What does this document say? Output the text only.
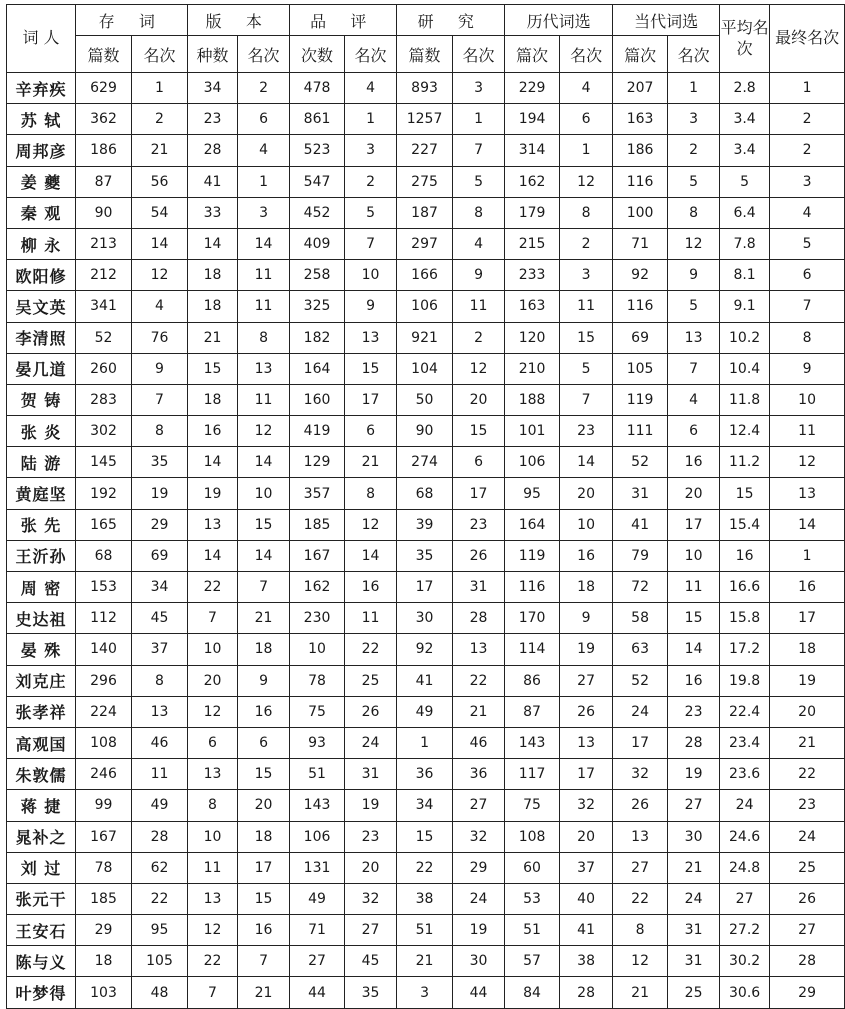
词 人	存 词		版 本		品 评		研 究		历代词选		当代词选		平均名次	最终名次
	篇数	名次	种数	名次	次数	名次	篇数	名次	篇次	名次	篇次	名次		
辛弃疾	629	1	34	2	478	4	893	3	229	4	207	1	2.8	1
苏 轼	362	2	23	6	861	1	1257	1	194	6	163	3	3.4	2
周邦彦	186	21	28	4	523	3	227	7	314	1	186	2	3.4	2
姜 夔	87	56	41	1	547	2	275	5	162	12	116	5	5	3
秦 观	90	54	33	3	452	5	187	8	179	8	100	8	6.4	4
柳 永	213	14	14	14	409	7	297	4	215	2	71	12	7.8	5
欧阳修	212	12	18	11	258	10	166	9	233	3	92	9	8.1	6
吴文英	341	4	18	11	325	9	106	11	163	11	116	5	9.1	7
李清照	52	76	21	8	182	13	921	2	120	15	69	13	10.2	8
晏几道	260	9	15	13	164	15	104	12	210	5	105	7	10.4	9
贺 铸	283	7	18	11	160	17	50	20	188	7	119	4	11.8	10
张 炎	302	8	16	12	419	6	90	15	101	23	111	6	12.4	11
陆 游	145	35	14	14	129	21	274	6	106	14	52	16	11.2	12
黄庭坚	192	19	19	10	357	8	68	17	95	20	31	20	15	13
张 先	165	29	13	15	185	12	39	23	164	10	41	17	15.4	14
王沂孙	68	69	14	14	167	14	35	26	119	16	79	10	16	1
周 密	153	34	22	7	162	16	17	31	116	18	72	11	16.6	16
史达祖	112	45	7	21	230	11	30	28	170	9	58	15	15.8	17
晏 殊	140	37	10	18	10	22	92	13	114	19	63	14	17.2	18
刘克庄	296	8	20	9	78	25	41	22	86	27	52	16	19.8	19
张孝祥	224	13	12	16	75	26	49	21	87	26	24	23	22.4	20
高观国	108	46	6	6	93	24	1	46	143	13	17	28	23.4	21
朱敦儒	246	11	13	15	51	31	36	36	117	17	32	19	23.6	22
蒋 捷	99	49	8	20	143	19	34	27	75	32	26	27	24	23
晁补之	167	28	10	18	106	23	15	32	108	20	13	30	24.6	24
刘 过	78	62	11	17	131	20	22	29	60	37	27	21	24.8	25
张元干	185	22	13	15	49	32	38	24	53	40	22	24	27	26
王安石	29	95	12	16	71	27	51	19	51	41	8	31	27.2	27
陈与义	18	105	22	7	27	45	21	30	57	38	12	31	30.2	28
叶梦得	103	48	7	21	44	35	3	44	84	28	21	25	30.6	29
